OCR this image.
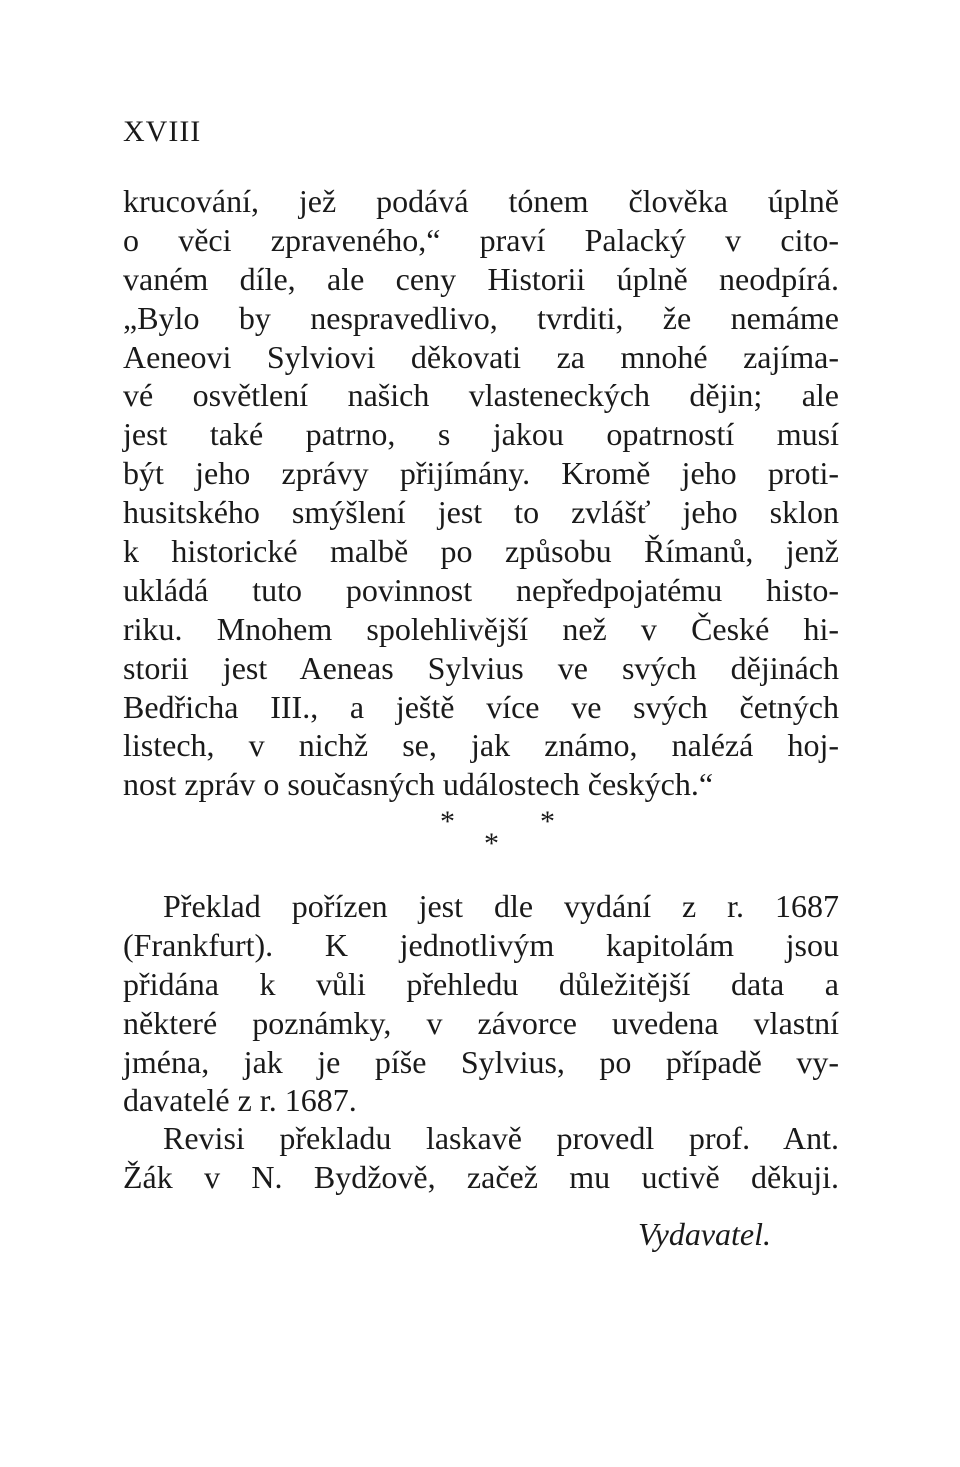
XVIII

krucování, jež podává tónem člověka úplně
o věci zpraveného,“ praví Palacký v cito-
vaném díle, ale ceny Historii úplně neodpírá.
„Bylo by nespravedlivo, tvrditi, že nemáme
Aeneovi Sylviovi děkovati za mnohé zajíma-
vé osvětlení našich vlasteneckých dějin; ale
jest také patrno, s jakou opatrností musí
být jeho zprávy přijímány. Kromě jeho proti-
husitského smýšlení jest to zvlášť jeho sklon
k historické malbě po způsobu Římanů, jenž
ukládá tuto povinnost nepředpojatému histo-
riku. Mnohem spolehlivější než v České hi-
storii jest Aeneas Sylvius ve svých dějinách
Bedřicha III., a ještě více ve svých četných
listech, v nichž se, jak známo, nalézá hoj-
nost zpráv o současných událostech českých.“
*
*
*
Překlad pořízen jest dle vydání z r. 1687
(Frankfurt). K jednotlivým kapitolám jsou
přidána k vůli přehledu důležitější data a
některé poznámky, v závorce uvedena vlastní
jména, jak je píše Sylvius, po případě vy-
davatelé z r. 1687.
Revisi překladu laskavě provedl prof. Ant.
Žák v N. Bydžově, začež mu uctivě děkuji.

Vydavatel.
